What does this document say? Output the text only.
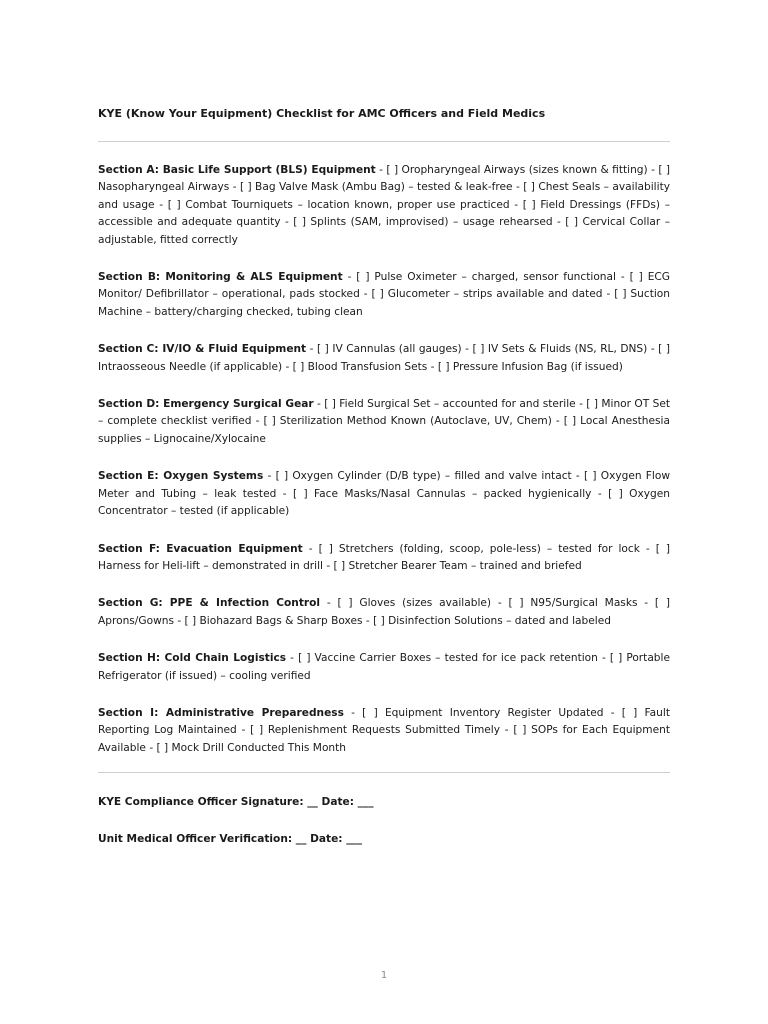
KYE (Know Your Equipment) Checklist for AMC Officers and Field Medics

Section A: Basic Life Support (BLS) Equipment - [ ] Oropharyngeal Airways (sizes known & fitting) - [ ] Nasopharyngeal Airways - [ ] Bag Valve Mask (Ambu Bag) – tested & leak-free - [ ] Chest Seals – availability and usage - [ ] Combat Tourniquets – location known, proper use practiced - [ ] Field Dressings (FFDs) – accessible and adequate quantity - [ ] Splints (SAM, improvised) – usage rehearsed - [ ] Cervical Collar – adjustable, fitted correctly

Section B: Monitoring & ALS Equipment - [ ] Pulse Oximeter – charged, sensor functional - [ ] ECG Monitor/ Defibrillator – operational, pads stocked - [ ] Glucometer – strips available and dated - [ ] Suction Machine – battery/charging checked, tubing clean

Section C: IV/IO & Fluid Equipment - [ ] IV Cannulas (all gauges) - [ ] IV Sets & Fluids (NS, RL, DNS) - [ ] Intraosseous Needle (if applicable) - [ ] Blood Transfusion Sets - [ ] Pressure Infusion Bag (if issued)

Section D: Emergency Surgical Gear - [ ] Field Surgical Set – accounted for and sterile - [ ] Minor OT Set – complete checklist verified - [ ] Sterilization Method Known (Autoclave, UV, Chem) - [ ] Local Anesthesia supplies – Lignocaine/Xylocaine

Section E: Oxygen Systems - [ ] Oxygen Cylinder (D/B type) – filled and valve intact - [ ] Oxygen Flow Meter and Tubing – leak tested - [ ] Face Masks/Nasal Cannulas – packed hygienically - [ ] Oxygen Concentrator – tested (if applicable)

Section F: Evacuation Equipment - [ ] Stretchers (folding, scoop, pole-less) – tested for lock - [ ] Harness for Heli-lift – demonstrated in drill - [ ] Stretcher Bearer Team – trained and briefed

Section G: PPE & Infection Control - [ ] Gloves (sizes available) - [ ] N95/Surgical Masks - [ ] Aprons/Gowns - [ ] Biohazard Bags & Sharp Boxes - [ ] Disinfection Solutions – dated and labeled

Section H: Cold Chain Logistics - [ ] Vaccine Carrier Boxes – tested for ice pack retention - [ ] Portable Refrigerator (if issued) – cooling verified

Section I: Administrative Preparedness - [ ] Equipment Inventory Register Updated - [ ] Fault Reporting Log Maintained - [ ] Replenishment Requests Submitted Timely - [ ] SOPs for Each Equipment Available - [ ] Mock Drill Conducted This Month

KYE Compliance Officer Signature: __ Date: ___
Unit Medical Officer Verification: __ Date: ___
1
